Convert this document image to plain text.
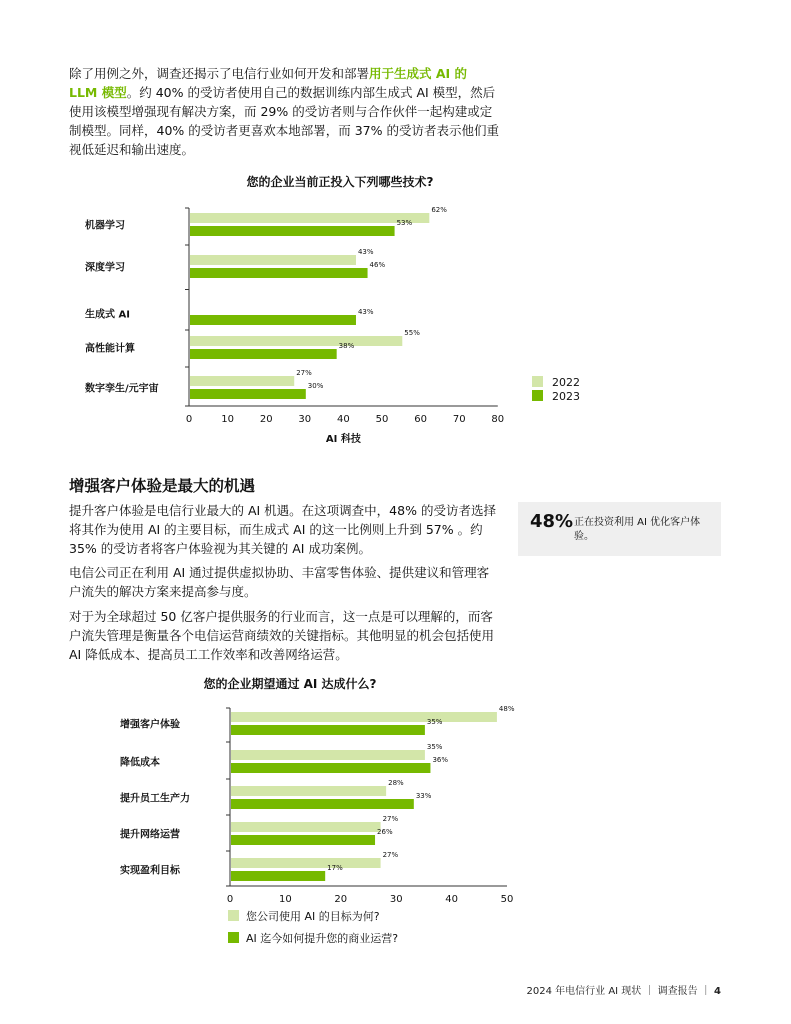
除了用例之外，调查还揭示了电信行业如何开发和部署用于生成式 AI 的 LLM 模型。约 40% 的受访者使用自己的数据训练内部生成式 AI 模型，然后使用该模型增强现有解决方案，而 29% 的受访者则与合作伙伴一起构建或定制模型。同样，40% 的受访者更喜欢本地部署，而 37% 的受访者表示他们重视低延迟和输出速度。

您的企业当前正投入下列哪些技术?
增强客户体验是最大的机遇

提升客户体验是电信行业最大的 AI 机遇。在这项调查中，48% 的受访者选择将其作为使用 AI 的主要目标，而生成式 AI 的这一比例则上升到 57% 。约 35% 的受访者将客户体验视为其关键的 AI 成功案例。

电信公司正在利用 AI 通过提供虚拟协助、丰富零售体验、提供建议和管理客户流失的解决方案来提高参与度。

对于为全球超过 50 亿客户提供服务的行业而言，这一点是可以理解的，而客户流失管理是衡量各个电信运营商绩效的关键指标。其他明显的机会包括使用 AI 降低成本、提高员工工作效率和改善网络运营。

48% 正在投资利用 AI 优化客户体验。
您的企业期望通过 AI 达成什么?
0	10	20	30	40	50	60	70	80
机器学习
62%
53%
深度学习
43%
46%
生成式 AI	43%
高性能计算
55%
38%
数字孪生/元宇宙
27%
30%
AI 科技
2022
2023
0	10	20	30	40	50
增强客户体验
48%
35%
降低成本
35%
36%
提升员工生产力
28%
33%
提升网络运营
27%
26%
实现盈利目标
27%
17%
您公司使用 AI 的目标为何?
AI 迄今如何提升您的商业运营?
2024 年电信行业 AI 现状 ｜ 调查报告 ｜ 4
